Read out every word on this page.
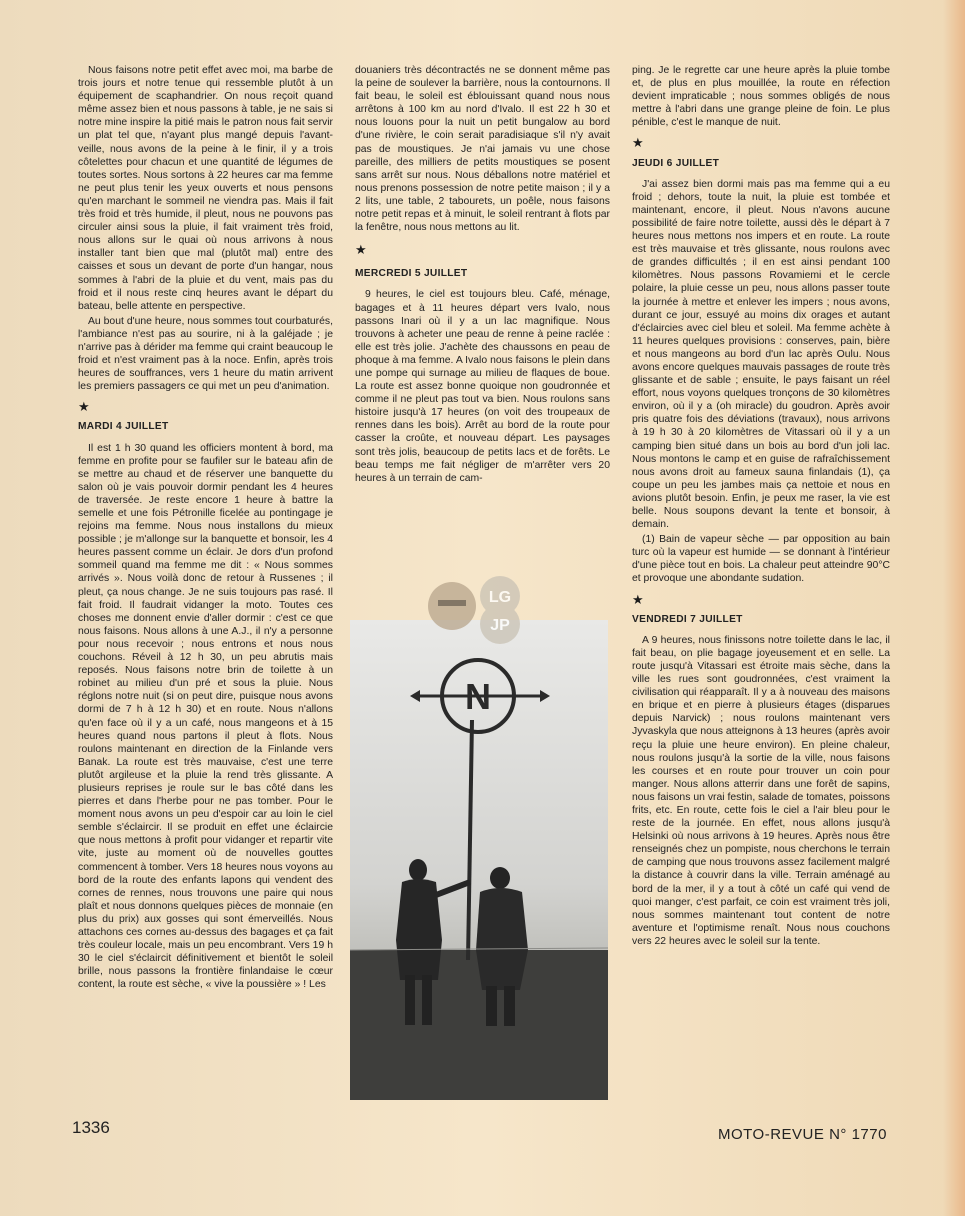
Nous faisons notre petit effet avec moi, ma barbe de trois jours et notre tenue qui ressemble plutôt à un équipement de scaphandrier. On nous reçoit quand même assez bien et nous passons à table, je ne sais si notre mine inspire la pitié mais le patron nous fait servir un plat tel que, n'ayant plus mangé depuis l'avant-veille, nous avons de la peine à le finir, il y a trois côtelettes pour chacun et une quantité de légumes de toutes sortes. Nous sortons à 22 heures car ma femme ne peut plus tenir les yeux ouverts et nous pensons qu'en marchant le sommeil ne viendra pas. Mais il fait très froid et très humide, il pleut, nous ne pouvons pas circuler ainsi sous la pluie, il fait vraiment très froid, nous allons sur le quai où nous arrivons à nous installer tant bien que mal (plutôt mal) entre des caisses et sous un devant de porte d'un hangar, nous sommes à l'abri de la pluie et du vent, mais pas du froid et il nous reste cinq heures avant le départ du bateau, belle attente en perspective.

Au bout d'une heure, nous sommes tout courbaturés, l'ambiance n'est pas au sourire, ni à la galéjade ; je n'arrive pas à dérider ma femme qui craint beaucoup le froid et n'est vraiment pas à la noce. Enfin, après trois heures de souffrances, vers 1 heure du matin arrivent les premiers passagers ce qui met un peu d'animation.

★
MARDI 4 JUILLET

Il est 1 h 30 quand les officiers montent à bord, ma femme en profite pour se faufiler sur le bateau afin de se mettre au chaud et de réserver une banquette du salon où je vais pouvoir dormir pendant les 4 heures de traversée. Je reste encore 1 heure à battre la semelle et une fois Pétronille ficelée au pontingage je rejoins ma femme. Nous nous installons du mieux possible ; je m'allonge sur la banquette et bonsoir, les 4 heures passent comme un éclair. Je dors d'un profond sommeil quand ma femme me dit : « Nous sommes arrivés ». Nous voilà donc de retour à Russenes ; il pleut, ça nous change. Je ne suis toujours pas rasé. Il fait froid. Il faudrait vidanger la moto. Toutes ces choses me donnent envie d'aller dormir : c'est ce que nous faisons. Nous allons à une A.J., il n'y a personne pour nous recevoir ; nous entrons et nous nous couchons. Réveil à 12 h 30, un peu abrutis mais reposés. Nous faisons notre brin de toilette à un robinet au milieu d'un pré et sous la pluie. Nous réglons notre nuit (si on peut dire, puisque nous avons dormi de 7 h à 12 h 30) et en route. Nous n'allons qu'en face où il y a un café, nous mangeons et à 15 heures quand nous partons il pleut à flots. Nous roulons maintenant en direction de la Finlande vers Banak. La route est très mauvaise, c'est une terre plutôt argileuse et la pluie la rend très glissante. A plusieurs reprises je roule sur le bas côté dans les pierres et dans l'herbe pour ne pas tomber. Pour le moment nous avons un peu d'espoir car au loin le ciel semble s'éclaircir. Il se produit en effet une éclaircie que nous mettons à profit pour vidanger et repartir vite vite, juste au moment où de nouvelles gouttes commencent à tomber. Vers 18 heures nous voyons au bord de la route des enfants lapons qui vendent des cornes de rennes, nous trouvons une paire qui nous plaît et nous donnons quelques pièces de monnaie (en plus du prix) aux gosses qui sont émerveillés. Nous attachons ces cornes au-dessus des bagages et ça fait très couleur locale, mais un peu encombrant. Vers 19 h 30 le ciel s'éclaircit définitivement et bientôt le soleil brille, nous passons la frontière finlandaise le cœur content, la route est sèche, « vive la poussière » ! Les

douaniers très décontractés ne se donnent même pas la peine de soulever la barrière, nous la contournons. Il fait beau, le soleil est éblouissant quand nous nous arrêtons à 100 km au nord d'Ivalo. Il est 22 h 30 et nous louons pour la nuit un petit bungalow au bord d'une rivière, le coin serait paradisiaque s'il n'y avait pas de moustiques. Je n'ai jamais vu une chose pareille, des milliers de petits moustiques se posent sans arrêt sur nous. Nous déballons notre matériel et nous prenons possession de notre petite maison ; il y a 2 lits, une table, 2 tabourets, un poêle, nous faisons notre petit repas et à minuit, le soleil rentrant à flots par la fenêtre, nous nous mettons au lit.

★
MERCREDI 5 JUILLET

9 heures, le ciel est toujours bleu. Café, ménage, bagages et à 11 heures départ vers Ivalo, nous passons Inari où il y a un lac magnifique. Nous trouvons à acheter une peau de renne à peine raclée : elle est très jolie. J'achète des chaussons en peau de phoque à ma femme. A Ivalo nous faisons le plein dans une pompe qui surnage au milieu de flaques de boue. La route est assez bonne quoique non goudronnée et comme il ne pleut pas tout va bien. Nous roulons sans histoire jusqu'à 17 heures (on voit des troupeaux de rennes dans les bois). Arrêt au bord de la route pour casser la croûte, et nouveau départ. Les paysages sont très jolis, beaucoup de petits lacs et de forêts. Le beau temps me fait négliger de m'arrêter vers 20 heures à un terrain de cam-

ping. Je le regrette car une heure après la pluie tombe et, de plus en plus mouillée, la route en réfection devient impraticable ; nous sommes obligés de nous mettre à l'abri dans une grange pleine de foin. Le plus pénible, c'est le manque de nuit.

★
JEUDI 6 JUILLET

J'ai assez bien dormi mais pas ma femme qui a eu froid ; dehors, toute la nuit, la pluie est tombée et maintenant, encore, il pleut. Nous n'avons aucune possibilité de faire notre toilette, aussi dès le départ à 7 heures nous mettons nos impers et en route. La route est très mauvaise et très glissante, nous roulons avec de grandes difficultés ; il en est ainsi pendant 100 kilomètres. Nous passons Rovamiemi et le cercle polaire, la pluie cesse un peu, nous allons passer toute la journée à mettre et enlever les impers ; nous avons, durant ce jour, essuyé au moins dix orages et autant d'éclaircies avec ciel bleu et soleil. Ma femme achète à 11 heures quelques provisions : conserves, pain, bière et nous mangeons au bord d'un lac après Oulu. Nous avons encore quelques mauvais passages de route très glissante et de sable ; ensuite, le pays faisant un réel effort, nous voyons quelques tronçons de 30 kilomètres environ, où il y a (oh miracle) du goudron. Après avoir pris quatre fois des déviations (travaux), nous arrivons à 19 h 30 à 20 kilomètres de Vitassari où il y a un camping bien situé dans un bois au bord d'un joli lac. Nous montons le camp et en guise de rafraîchissement nous avons droit au fameux sauna finlandais (1), ça coupe un peu les jambes mais ça nettoie et nous en avions plutôt besoin. Enfin, je peux me raser, la vie est belle. Nous soupons devant la tente et bonsoir, à demain.

(1) Bain de vapeur sèche — par opposition au bain turc où la vapeur est humide — se donnant à l'intérieur d'une pièce tout en bois. La chaleur peut atteindre 90°C et provoque une abondante sudation.

★
VENDREDI 7 JUILLET

A 9 heures, nous finissons notre toilette dans le lac, il fait beau, on plie bagage joyeusement et en selle. La route jusqu'à Vitassari est étroite mais sèche, dans la ville les rues sont goudronnées, c'est vraiment la civilisation qui réapparaît. Il y a à nouveau des maisons en brique et en pierre à plusieurs étages (disparues depuis Narvick) ; nous roulons maintenant vers Jyvaskyla que nous atteignons à 13 heures (après avoir reçu la pluie une heure environ). En pleine chaleur, nous roulons jusqu'à la sortie de la ville, nous faisons les courses et en route pour trouver un coin pour manger. Nous allons atterrir dans une forêt de sapins, nous faisons un vrai festin, salade de tomates, poissons frits, etc. En route, cette fois le ciel a l'air bleu pour le reste de la journée. En effet, nous allons jusqu'à Helsinki où nous arrivons à 19 heures. Après nous être renseignés chez un pompiste, nous cherchons le terrain de camping que nous trouvons assez facilement malgré la distance à couvrir dans la ville. Terrain aménagé au bord de la mer, il y a tout à côté un café qui vend de quoi manger, c'est parfait, ce coin est vraiment très joli, nous sommes maintenant tout content de notre aventure et l'optimisme renaît. Nous nous couchons vers 22 heures avec le soleil sur la tente.

N
LG
JP
1336	MOTO-REVUE N° 1770
